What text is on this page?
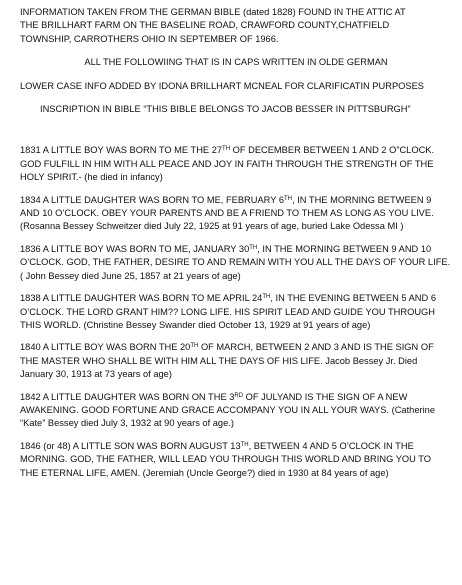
INFORMATION TAKEN FROM THE GERMAN BIBLE (dated 1828) FOUND IN THE ATTIC AT
THE BRILLHART FARM ON THE BASELINE ROAD, CRAWFORD COUNTY,CHATFIELD
TOWNSHIP, CARROTHERS OHIO IN SEPTEMBER OF 1966.

ALL THE FOLLOWIING THAT IS IN CAPS WRITTEN IN OLDE GERMAN

LOWER CASE INFO ADDED BY IDONA BRILLHART MCNEAL FOR CLARIFICATIN PURPOSES

INSCRIPTION IN BIBLE “THIS BIBLE BELONGS TO JACOB BESSER IN PITTSBURGH”

1831 A LITTLE BOY WAS BORN TO ME THE 27TH OF DECEMBER BETWEEN 1 AND 2 O”CLOCK. GOD FULFILL IN HIM WITH ALL PEACE AND JOY IN FAITH THROUGH THE STRENGTH OF THE HOLY SPIRIT.- (he died in infancy)

1834 A LITTLE DAUGHTER WAS BORN TO ME, FEBRUARY 6TH, IN THE MORNING BETWEEN 9 AND 10 O’CLOCK. OBEY YOUR PARENTS AND BE A FRIEND TO THEM AS LONG AS YOU LIVE. (Rosanna Bessey Schweitzer died July 22, 1925 at 91 years of age, buried Lake Odessa MI )

1836 A LITTLE BOY WAS BORN TO ME, JANUARY 30TH, IN THE MORNING BETWEEN 9 AND 10 O’CLOCK. GOD, THE FATHER, DESIRE TO AND REMAIN WITH YOU ALL THE DAYS OF YOUR LIFE. ( John Bessey died June 25, 1857 at 21 years of age)

1838 A LITTLE DAUGHTER WAS BORN TO ME APRIL 24TH, IN THE EVENING BETWEEN 5 AND 6 O’CLOCK. THE LORD GRANT HIM?? LONG LIFE. HIS SPIRIT LEAD AND GUIDE YOU THROUGH THIS WORLD. (Christine Bessey Swander died October 13, 1929 at 91 years of age)

1840 A LITTLE BOY WAS BORN THE 20TH OF MARCH, BETWEEN 2 AND 3 AND IS THE SIGN OF THE MASTER WHO SHALL BE WITH HIM ALL THE DAYS OF HIS LIFE. Jacob Bessey Jr. Died January 30, 1913 at 73 years of age)

1842 A LITTLE DAUGHTER WAS BORN ON THE 3RD OF JULYAND IS THE SIGN OF A NEW AWAKENING. GOOD FORTUNE AND GRACE ACCOMPANY YOU IN ALL YOUR WAYS. (Catherine “Kate” Bessey died July 3, 1932 at 90 years of age.)

1846 (or 48) A LITTLE SON WAS BORN AUGUST 13TH, BETWEEN 4 AND 5 O’CLOCK IN THE MORNING. GOD, THE FATHER, WILL LEAD YOU THROUGH THIS WORLD AND BRING YOU TO THE ETERNAL LIFE, AMEN. (Jeremiah (Uncle George?) died in 1930 at 84 years of age)
